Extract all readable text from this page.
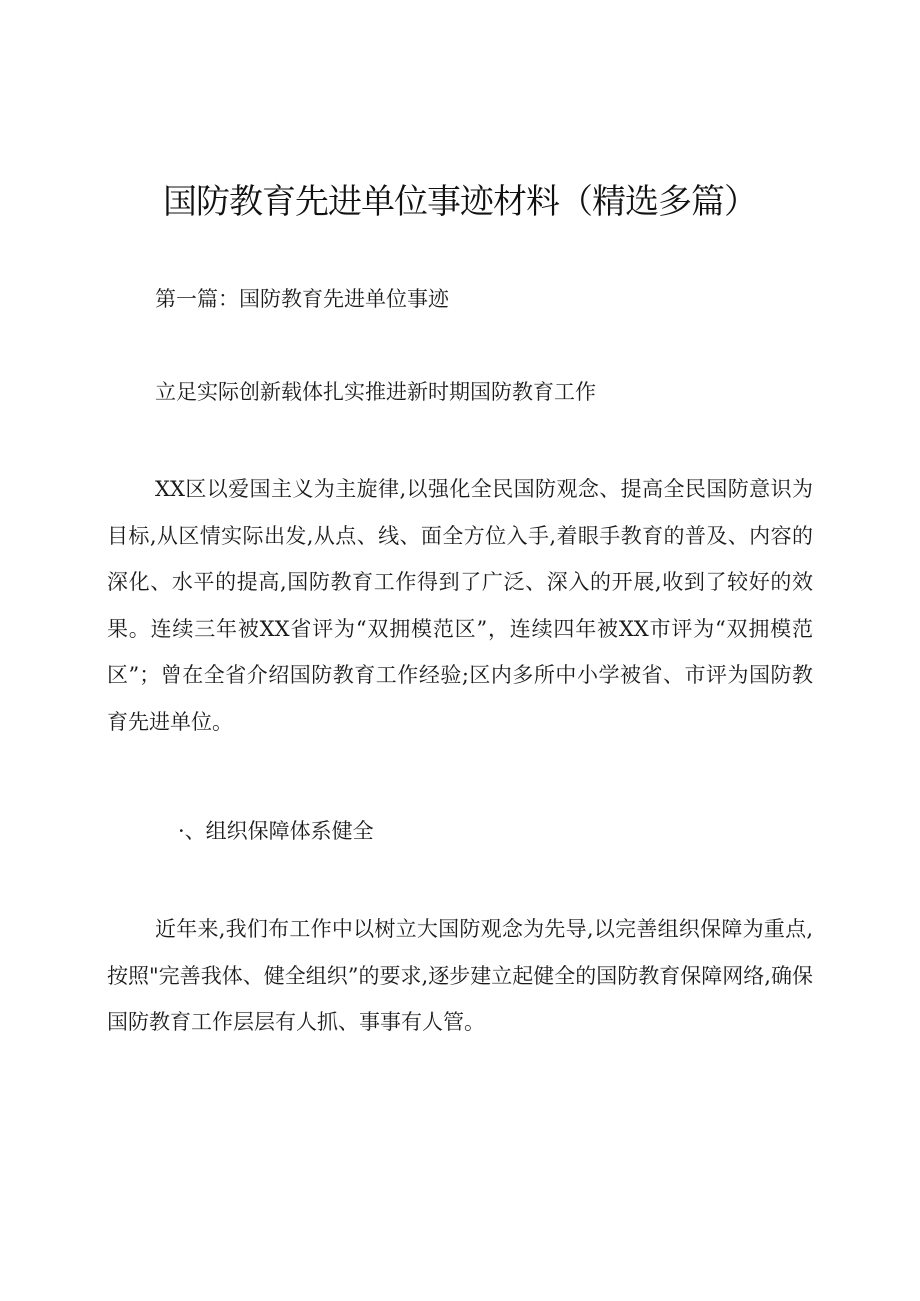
国防教育先进单位事迹材料（精选多篇）
第一篇：国防教育先进单位事迹
立足实际创新载体扎实推进新时期国防教育工作

XX区以爱国主义为主旋律,以强化全民国防观念、提高全民国防意识为目标,从区情实际出发,从点、线、面全方位入手,着眼手教育的普及、内容的深化、水平的提高,国防教育工作得到了广泛、深入的开展,收到了较好的效果。连续三年被XX省评为“双拥模范区”，连续四年被XX市评为“双拥模范区”；曾在全省介绍国防教育工作经验;区内多所中小学被省、市评为国防教育先进单位。

·、组织保障体系健全

近年来,我们布工作中以树立大国防观念为先导,以完善组织保障为重点,按照"完善我体、健全组织”的要求,逐步建立起健全的国防教育保障网络,确保国防教育工作层层有人抓、事事有人管。
